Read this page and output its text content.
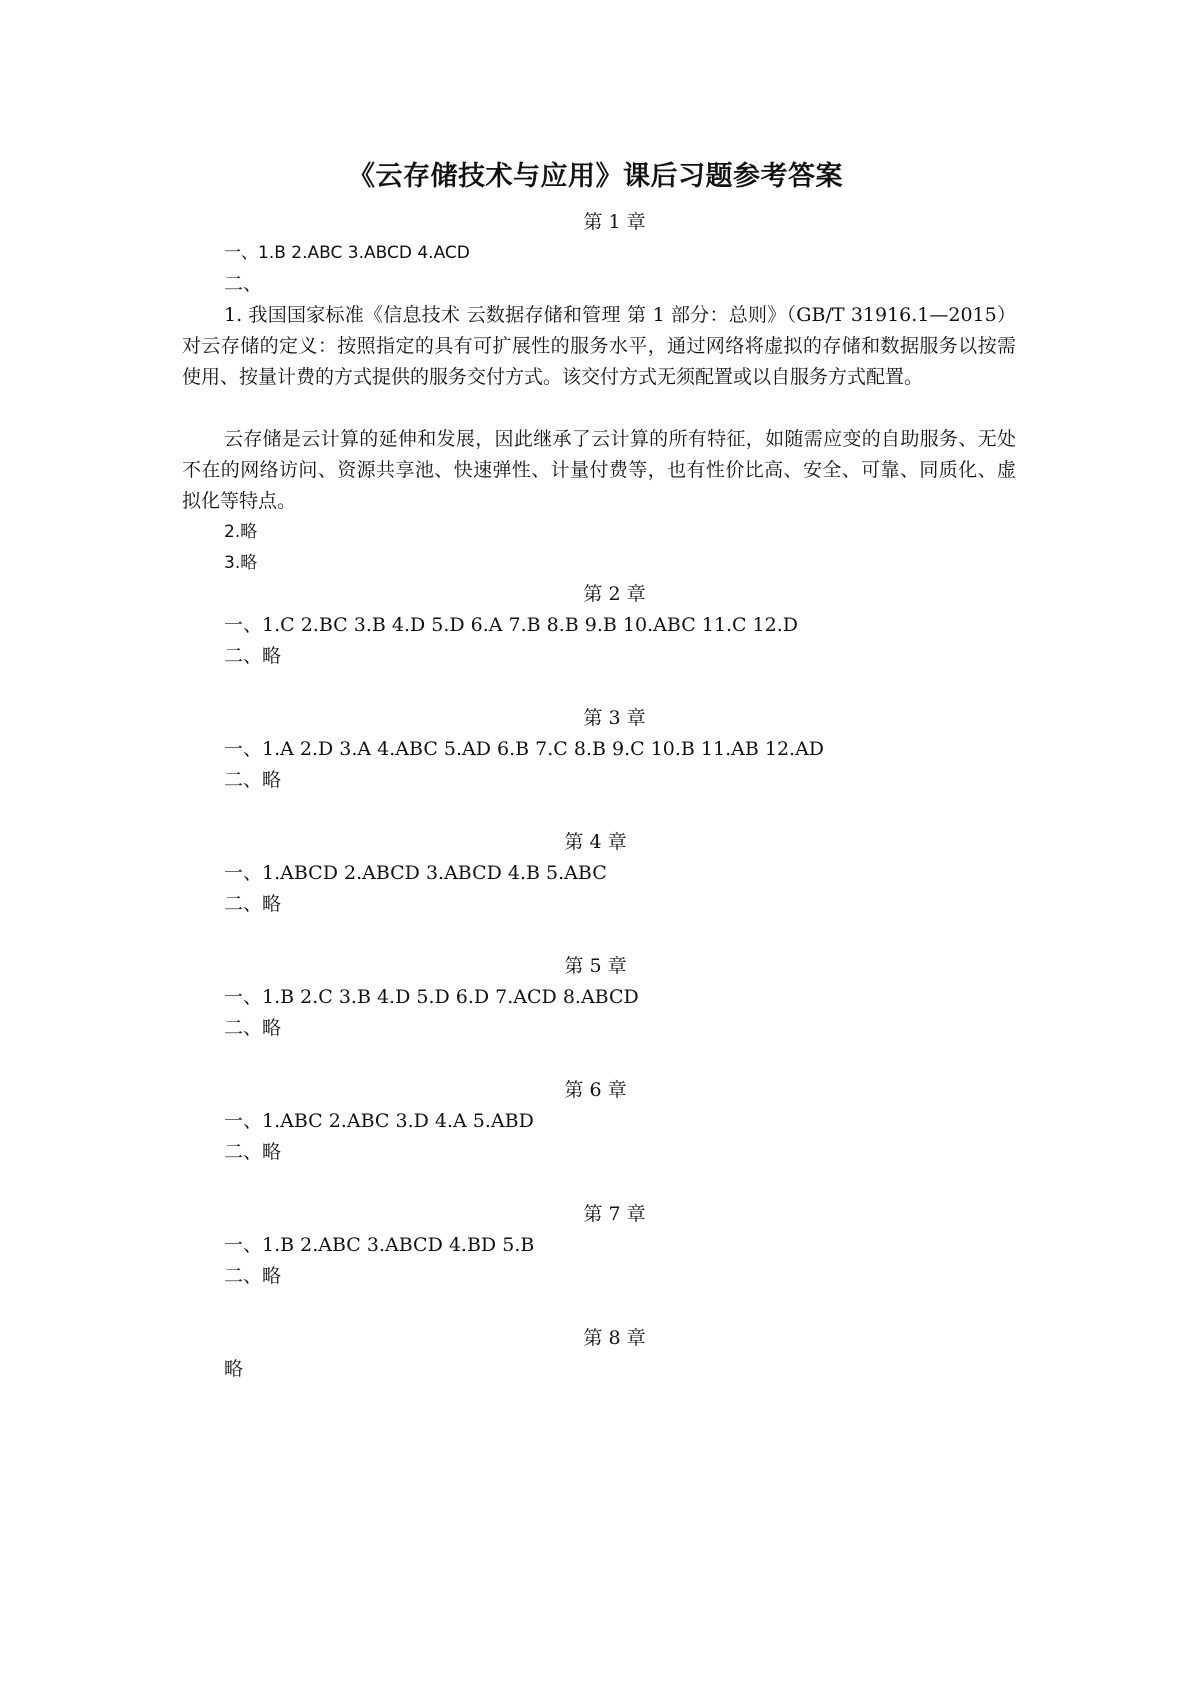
《云存储技术与应用》课后习题参考答案
第 1 章
一、1.B 2.ABC 3.ABCD 4.ACD
二、
1. 我国国家标准《信息技术 云数据存储和管理 第 1 部分：总则》（GB/T 31916.1—2015）对云存储的定义：按照指定的具有可扩展性的服务水平，通过网络将虚拟的存储和数据服务以按需使用、按量计费的方式提供的服务交付方式。该交付方式无须配置或以自服务方式配置。
云存储是云计算的延伸和发展，因此继承了云计算的所有特征，如随需应变的自助服务、无处不在的网络访问、资源共享池、快速弹性、计量付费等，也有性价比高、安全、可靠、同质化、虚拟化等特点。
2.略
3.略
第 2 章
一、1.C 2.BC 3.B 4.D 5.D 6.A 7.B 8.B 9.B 10.ABC 11.C 12.D
二、略
第 3 章
一、1.A 2.D 3.A 4.ABC 5.AD 6.B 7.C 8.B 9.C 10.B 11.AB 12.AD
二、略
第 4 章
一、1.ABCD 2.ABCD 3.ABCD 4.B 5.ABC
二、略
第 5 章
一、1.B 2.C 3.B 4.D 5.D 6.D 7.ACD 8.ABCD
二、略
第 6 章
一、1.ABC 2.ABC 3.D 4.A 5.ABD
二、略
第 7 章
一、1.B 2.ABC 3.ABCD 4.BD 5.B
二、略
第 8 章
略
